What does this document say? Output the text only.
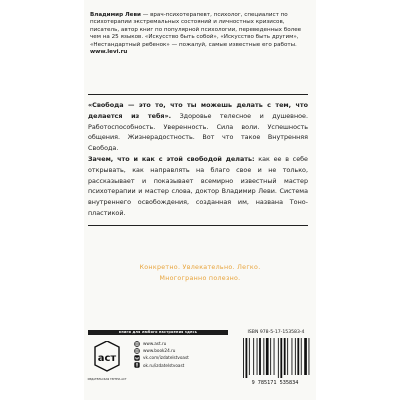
Владимир Леви — врач-психотерапевт, психолог, специалист по психотерапии экстремальных состояний и личностных кризисов, писатель, автор книг по популярной психологии, переведенных более чем на 25 языков. «Искусство быть собой», «Искусство быть другим», «Нестандартный ребенок» — пожалуй, самые известные его работы. www.levi.ru
«Свобода — это то, что ты можешь делать с тем, что делается из тебя». Здоровье телесное и душевное. Работоспособность. Уверенность. Сила воли. Успешность общения. Жизнерадостность. Вот что такое Внутренняя Свобода.
Зачем, что и как с этой свободой делать: как ее в себе открывать, как направлять на благо свое и не только, рассказывает и показывает всемирно известный мастер психотерапии и мастер слова, доктор Владимир Леви. Система внутреннего освобождения, созданная им, названа Тоно-пластикой.
Конкретно. Увлекательно. Легко.
Многогранно полезно.
книги для любого настроения здесь
аст
ИЗДАТЕЛЬСКАЯ ГРУППА АСТ
www.ast.ru
www.book24.ru
vk.com/izdatelstvoast
ok.ru/izdatelstvoast
ISBN 978-5-17-153583-4
9 785171 535834
